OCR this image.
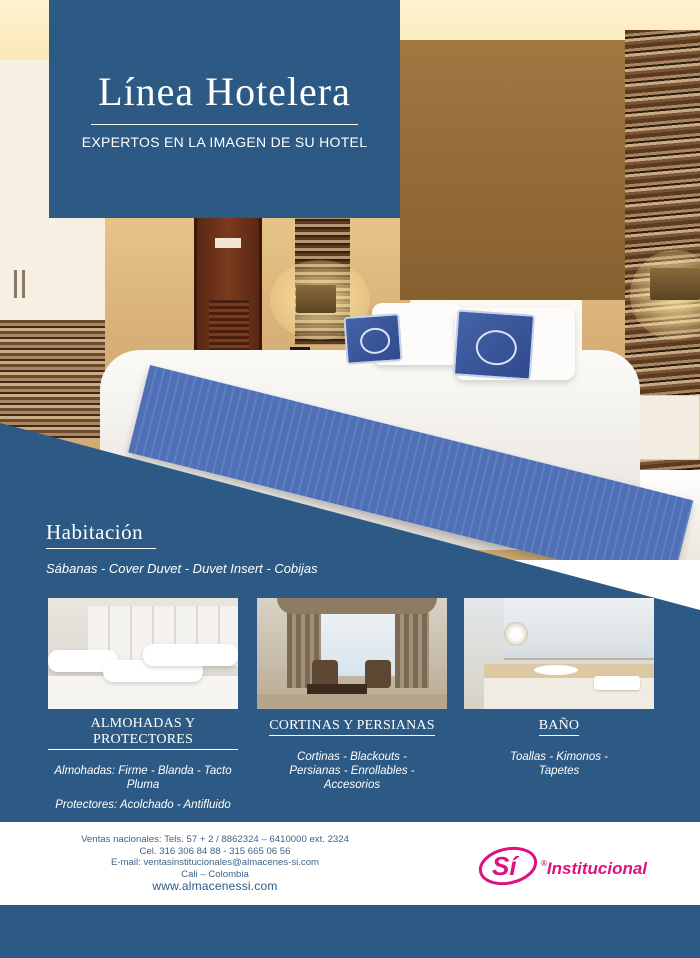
Línea Hotelera
EXPERTOS EN LA IMAGEN DE SU HOTEL
Habitación
Sábanas - Cover Duvet - Duvet Insert - Cobijas
ALMOHADAS Y PROTECTORES

Almohadas: Firme - Blanda - Tacto Pluma

Protectores: Acolchado - Antifluido

CORTINAS Y PERSIANAS

Cortinas - Blackouts - Persianas - Enrollables - Accesorios

BAÑO

Toallas - Kimonos - Tapetes

Ventas nacionales: Tels. 57 + 2 / 8862324 – 6410000 ext. 2324
Cel. 316 306 84 88 - 315 665 06 56
E-mail: ventasinstitucionales@almacenes-si.com
Cali – Colombia
www.almacenessi.com
Sí	®Institucional
